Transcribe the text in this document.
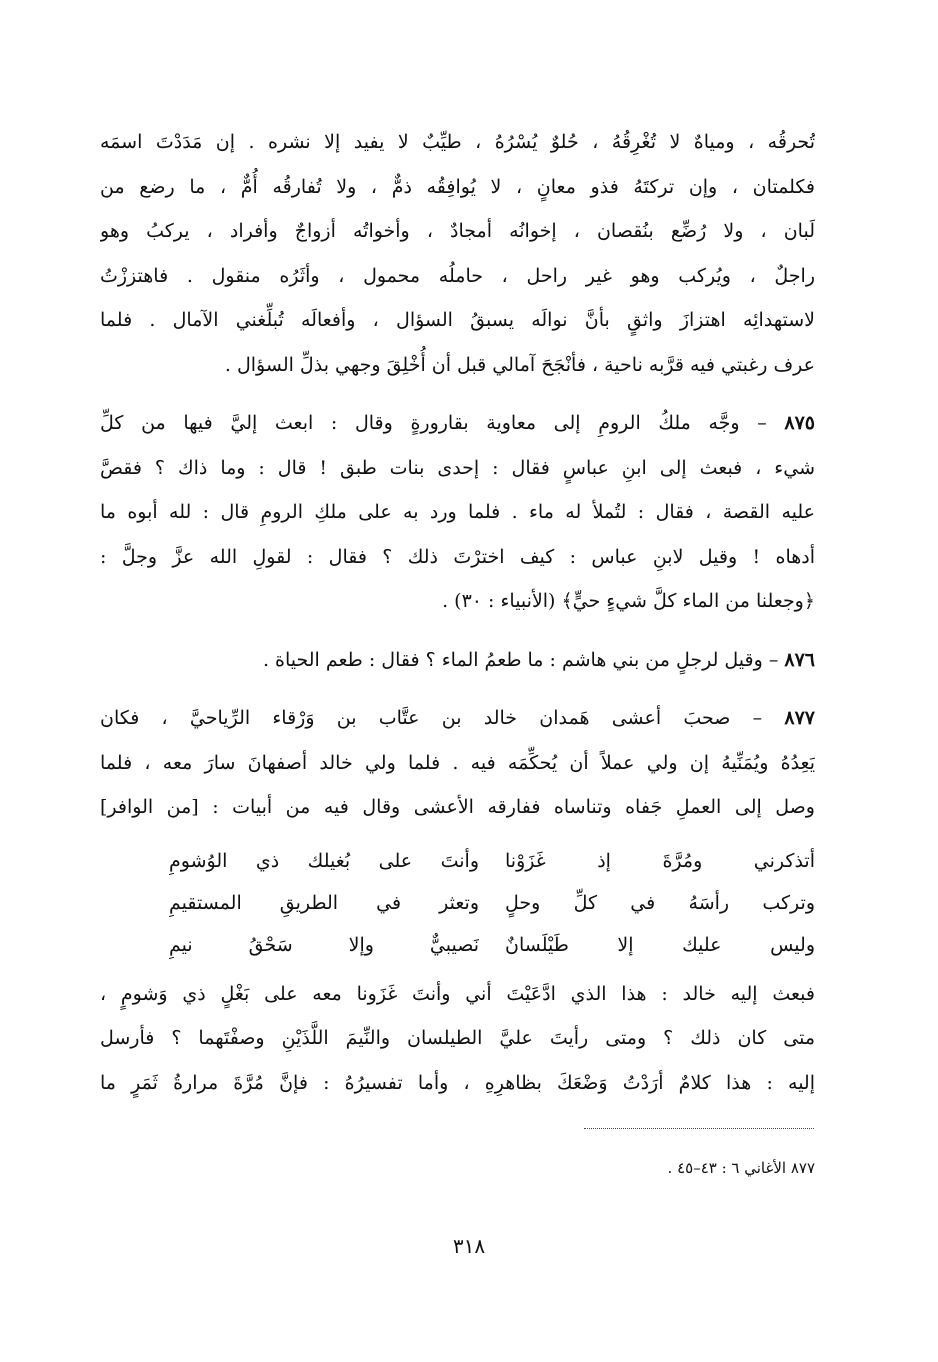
تُحرقُه ، ومياهٌ لا تُغْرِقُهُ ، حُلوٌ يُسْرُهُ ، طيِّبٌ لا يفيد إلا نشره . إن مَدَدْتَ اسمَه
فكلمتان ، وإن تركتَهُ فذو معانٍ ، لا يُوافِقُه ذمٌّ ، ولا تُفارقُه أُمٌّ ، ما رضع من
لَبان ، ولا رُضِّع بنُقصان ، إخوانُه أمجادٌ ، وأخواتُه أزواجٌ وأفراد ، يركبُ وهو
راجلٌ ، ويُركب وهو غير راحل ، حاملُه محمول ، وأثَرُه منقول . فاهتززْتُ
لاستهدائِه اهتزازَ واثقٍ بأنَّ نوالَه يسبقُ السؤال ، وأفعالَه تُبلِّغني الآمال . فلما
عرف رغبتي فيه قرَّبه ناحية ، فأنْجَحَ آمالي قبل أن أُخْلِقَ وجهي بذلِّ السؤال .
٨٧٥ – وجَّه ملكُ الرومِ إلى معاوية بقارورةٍ وقال : ابعث إليَّ فيها من كلِّ
شيء ، فبعث إلى ابنِ عباسٍ فقال : إحدى بنات طبق ! قال : وما ذاك ؟ فقصَّ
عليه القصة ، فقال : لتُملأ له ماء . فلما ورد به على ملكِ الرومِ قال : لله أبوه ما
أدهاه ! وقيل لابنِ عباس : كيف اخترْتَ ذلك ؟ فقال : لقولِ الله عزَّ وجلَّ :
﴿وجعلنا من الماء كلَّ شيءٍ حيٍّ﴾ (الأنبياء : ٣٠) .
٨٧٦ – وقيل لرجلٍ من بني هاشم : ما طعمُ الماء ؟ فقال : طعم الحياة .
٨٧٧ – صحبَ أعشى هَمدان خالد بن عتَّاب بن وَرْقاء الرِّياحيَّ ، فكان
يَعِدُهُ ويُمَنِّيهُ إن ولي عملاً أن يُحكِّمَه فيه . فلما ولي خالد أصفهانَ سارَ معه ، فلما
وصل إلى العملِ جَفاه وتناساه ففارقه الأعشى وقال فيه من أبيات : [من الوافر]
أتذكرني ومُرَّةَ إذ غَزَوْنا
وأنتَ على بُغيلك ذي الوُشومِ
وتركب رأسَهُ في كلِّ وحلٍ
وتعثر في الطريقِ المستقيمِ
وليس عليك إلا طَيْلَسانٌ
نَصيبيٌّ وإلا سَحْقُ نيمِ
فبعث إليه خالد : هذا الذي ادَّعَيْتَ أني وأنتَ غَزَونا معه على بَغْلٍ ذي وَشومٍ ،
متى كان ذلك ؟ ومتى رأيتَ عليَّ الطيلسان والنِّيمَ اللَّذَيْنِ وصفْتَهما ؟ فأرسل
إليه : هذا كلامٌ أرَدْتُ وَضْعَكَ بظاهرِهِ ، وأما تفسيرُهُ : فإنَّ مُرَّةَ مرارةُ ثَمَرٍ ما
٨٧٧ الأغاني ٦ : ٤٣–٤٥ .
٣١٨
